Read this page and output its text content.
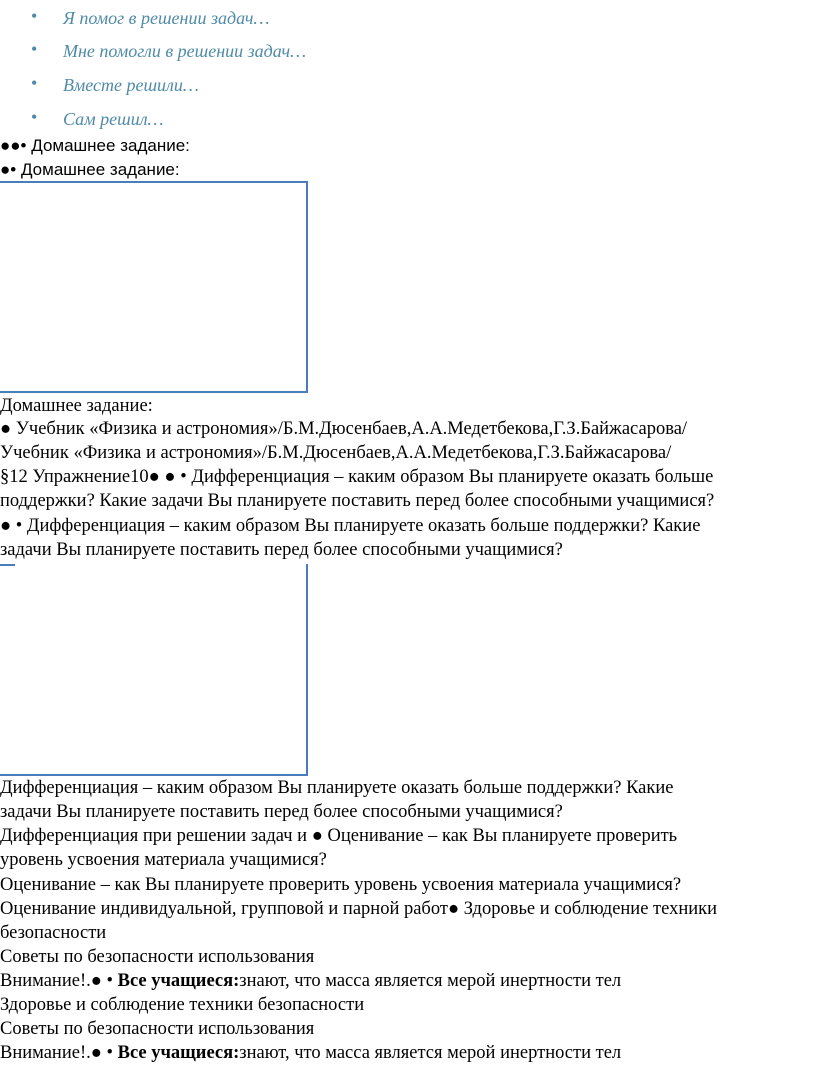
• Я помог в решении задач…
• Мне помогли в решении задач…
• Вместе решили…
• Сам решил…
●●• Домашнее задание:
●• Домашнее задание:
Домашнее задание:
● Учебник «Физика и астрономия»/Б.М.Дюсенбаев,А.А.Медетбекова,Г.З.Байжасарова/
Учебник «Физика и астрономия»/Б.М.Дюсенбаев,А.А.Медетбекова,Г.З.Байжасарова/
§12 Упражнение10● ● • Дифференциация – каким образом Вы планируете оказать больше
поддержки? Какие задачи Вы планируете поставить перед более способными учащимися?
● • Дифференциация – каким образом Вы планируете оказать больше поддержки? Какие
задачи Вы планируете поставить перед более способными учащимися?
Дифференциация – каким образом Вы планируете оказать больше поддержки? Какие
задачи Вы планируете поставить перед более способными учащимися?
Дифференциация при решении задач и ● Оценивание – как Вы планируете проверить
уровень усвоения материала учащимися?
Оценивание – как Вы планируете проверить уровень усвоения материала учащимися?
Оценивание индивидуальной, групповой и парной работ● Здоровье и соблюдение техники
безопасности
Советы по безопасности использования
Внимание!.● • Все учащиеся:знают, что масса является мерой инертности тел
Здоровье и соблюдение техники безопасности
Советы по безопасности использования
Внимание!.● • Все учащиеся:знают, что масса является мерой инертности тел
